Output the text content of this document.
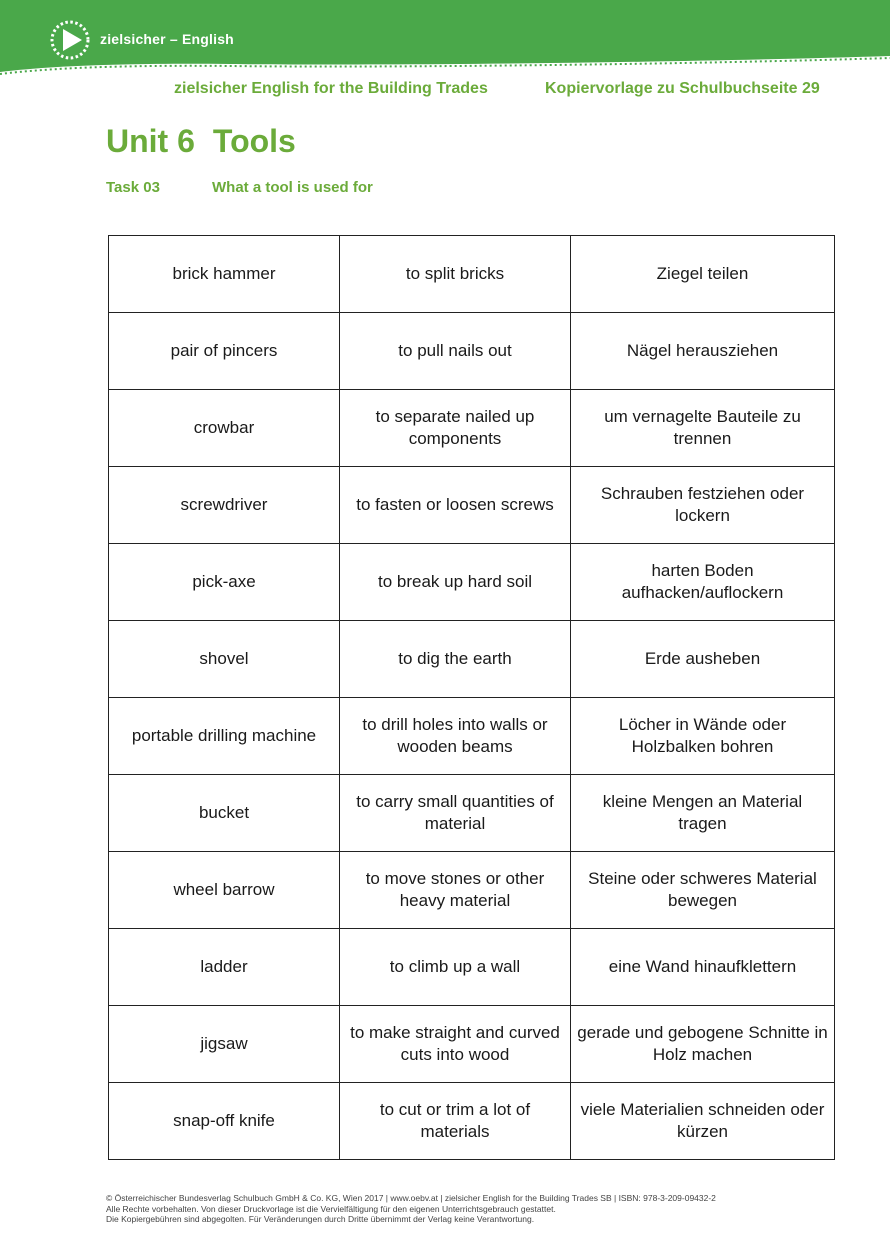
zielsicher – English
zielsicher English for the Building Trades	Kopiervorlage zu Schulbuchseite 29
Unit 6 Tools
Task 03	What a tool is used for
brick hammer	to split bricks	Ziegel teilen
pair of pincers	to pull nails out	Nägel herausziehen
crowbar	to separate nailed up components	um vernagelte Bauteile zu trennen
screwdriver	to fasten or loosen screws	Schrauben festziehen oder lockern
pick-axe	to break up hard soil	harten Boden aufhacken/auflockern
shovel	to dig the earth	Erde ausheben
portable drilling machine	to drill holes into walls or wooden beams	Löcher in Wände oder Holzbalken bohren
bucket	to carry small quantities of material	kleine Mengen an Material tragen
wheel barrow	to move stones or other heavy material	Steine oder schweres Material bewegen
ladder	to climb up a wall	eine Wand hinaufklettern
jigsaw	to make straight and curved cuts into wood	gerade und gebogene Schnitte in Holz machen
snap-off knife	to cut or trim a lot of materials	viele Materialien schneiden oder kürzen
© Österreichischer Bundesverlag Schulbuch GmbH & Co. KG, Wien 2017 | www.oebv.at | zielsicher English for the Building Trades SB | ISBN: 978-3-209-09432-2
Alle Rechte vorbehalten. Von dieser Druckvorlage ist die Vervielfältigung für den eigenen Unterrichtsgebrauch gestattet.
Die Kopiergebühren sind abgegolten. Für Veränderungen durch Dritte übernimmt der Verlag keine Verantwortung.
